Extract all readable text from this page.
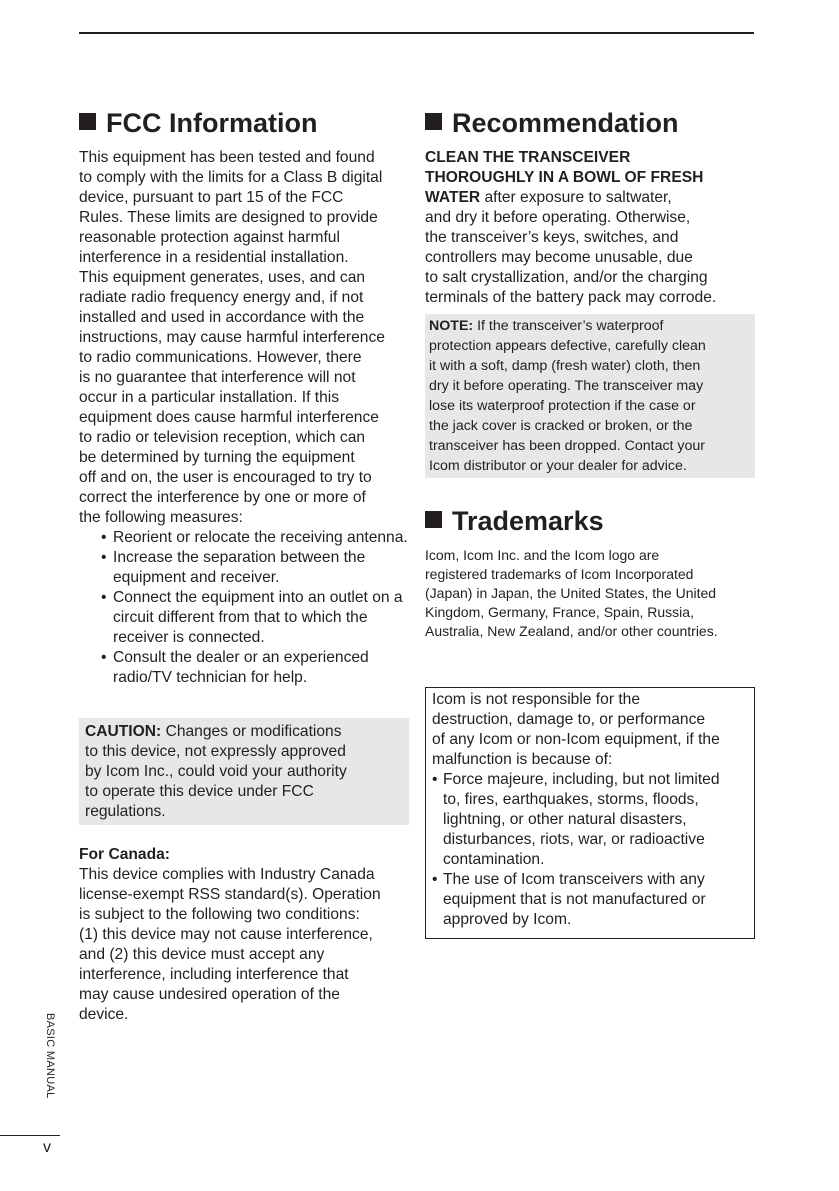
FCC Information

This equipment has been tested and found
to comply with the limits for a Class B digital
device, pursuant to part 15 of the FCC
Rules. These limits are designed to provide
reasonable protection against harmful
interference in a residential installation.
This equipment generates, uses, and can
radiate radio frequency energy and, if not
installed and used in accordance with the
instructions, may cause harmful interference
to radio communications. However, there
is no guarantee that interference will not
occur in a particular installation. If this
equipment does cause harmful interference
to radio or television reception, which can
be determined by turning the equipment
off and on, the user is encouraged to try to
correct the interference by one or more of
the following measures:

• Reorient or relocate the receiving antenna.
• Increase the separation between the equipment and receiver.
• Connect the equipment into an outlet on a circuit different from that to which the receiver is connected.
• Consult the dealer or an experienced radio/TV technician for help.
CAUTION: Changes or modifications
to this device, not expressly approved
by Icom Inc., could void your authority
to operate this device under FCC
regulations.
For Canada:

This device complies with Industry Canada
license-exempt RSS standard(s). Operation
is subject to the following two conditions:
(1) this device may not cause interference,
and (2) this device must accept any
interference, including interference that
may cause undesired operation of the
device.

Recommendation

CLEAN THE TRANSCEIVER
THOROUGHLY IN A BOWL OF FRESH
WATER after exposure to saltwater,
and dry it before operating. Otherwise,
the transceiver’s keys, switches, and
controllers may become unusable, due
to salt crystallization, and/or the charging
terminals of the battery pack may corrode.

NOTE: If the transceiver’s waterproof
protection appears defective, carefully clean
it with a soft, damp (fresh water) cloth, then
dry it before operating. The transceiver may
lose its waterproof protection if the case or
the jack cover is cracked or broken, or the
transceiver has been dropped. Contact your
Icom distributor or your dealer for advice.
Trademarks

Icom, Icom Inc. and the Icom logo are
registered trademarks of Icom Incorporated
(Japan) in Japan, the United States, the United
Kingdom, Germany, France, Spain, Russia,
Australia, New Zealand, and/or other countries.

Icom is not responsible for the
destruction, damage to, or performance
of any Icom or non-Icom equipment, if the
malfunction is because of:
• Force majeure, including, but not limited
to, fires, earthquakes, storms, floods,
lightning, or other natural disasters,
disturbances, riots, war, or radioactive
contamination.
• The use of Icom transceivers with any
equipment that is not manufactured or
approved by Icom.
BASIC MANUAL
v
